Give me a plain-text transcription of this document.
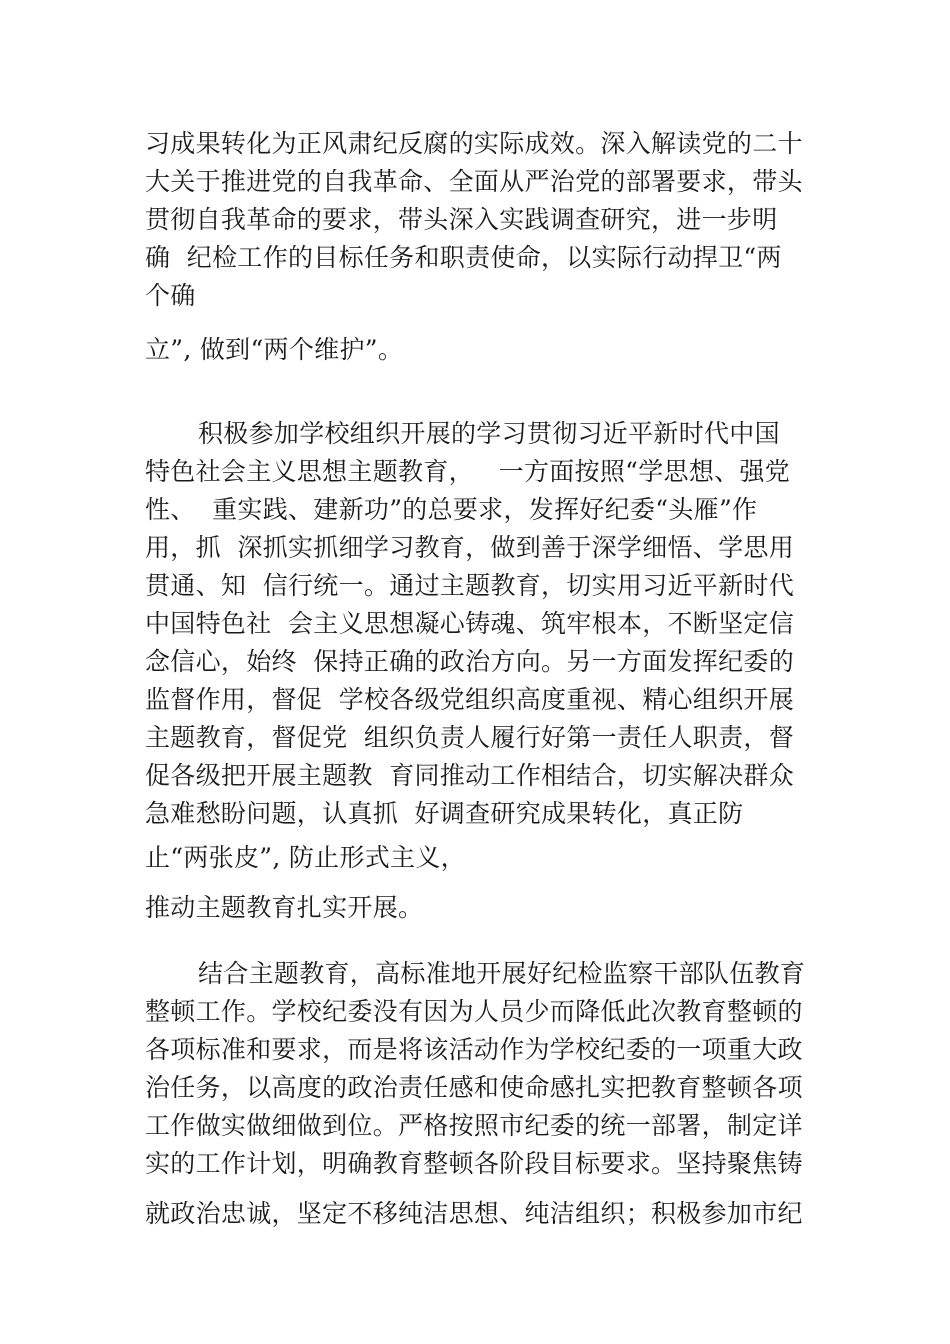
习成果转化为正风肃纪反腐的实际成效。深入解读党的二十
大关于推进党的自我革命、全面从严治党的部署要求，带头
贯彻自我革命的要求，带头深入实践调查研究，进一步明
确  纪检工作的目标任务和职责使命，以实际行动捍卫“两
个确
立”, 做到“两个维护”。
积极参加学校组织开展的学习贯彻习近平新时代中国
特色社会主义思想主题教育，   一方面按照“学思想、强党
性、  重实践、建新功”的总要求，发挥好纪委“头雁”作
用，抓  深抓实抓细学习教育，做到善于深学细悟、学思用
贯通、知  信行统一。通过主题教育，切实用习近平新时代
中国特色社  会主义思想凝心铸魂、筑牢根本，不断坚定信
念信心，始终  保持正确的政治方向。另一方面发挥纪委的
监督作用，督促  学校各级党组织高度重视、精心组织开展
主题教育，督促党  组织负责人履行好第一责任人职责，督
促各级把开展主题教  育同推动工作相结合，切实解决群众
急难愁盼问题，认真抓  好调查研究成果转化，真正防
止“两张皮”, 防止形式主义，
推动主题教育扎实开展。
结合主题教育，高标准地开展好纪检监察干部队伍教育
整顿工作。学校纪委没有因为人员少而降低此次教育整顿的
各项标准和要求，而是将该活动作为学校纪委的一项重大政
治任务，以高度的政治责任感和使命感扎实把教育整顿各项
工作做实做细做到位。严格按照市纪委的统一部署，制定详
实的工作计划，明确教育整顿各阶段目标要求。坚持聚焦铸
就政治忠诚，坚定不移纯洁思想、纯洁组织；积极参加市纪
